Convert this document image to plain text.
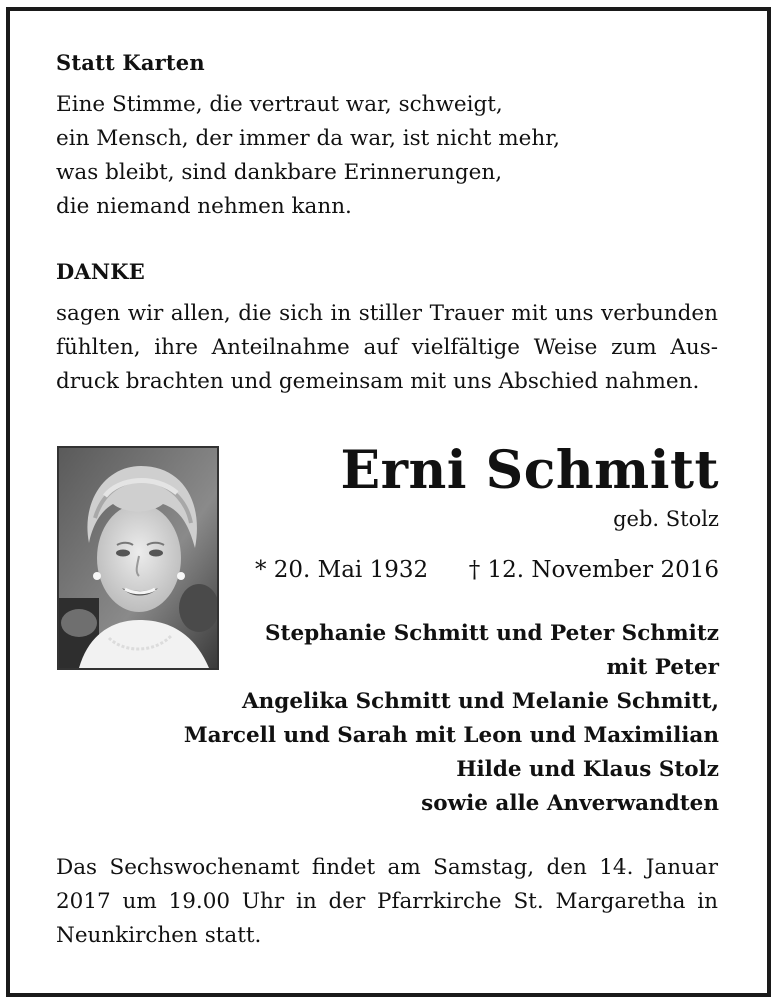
Statt Karten
Eine Stimme, die vertraut war, schweigt,
ein Mensch, der immer da war, ist nicht mehr,
was bleibt, sind dankbare Erinnerungen,
die niemand nehmen kann.
DANKE
sagen wir allen, die sich in stiller Trauer mit uns verbunden
fühlten, ihre Anteilnahme auf vielfältige Weise zum Aus-
druck brachten und gemeinsam mit uns Abschied nahmen.
Erni Schmitt
geb. Stolz
* 20. Mai 1932 † 12. November 2016
Stephanie Schmitt und Peter Schmitz
mit Peter
Angelika Schmitt und Melanie Schmitt,
Marcell und Sarah mit Leon und Maximilian
Hilde und Klaus Stolz
sowie alle Anverwandten
Das Sechswochenamt findet am Samstag, den 14. Januar
2017 um 19.00 Uhr in der Pfarrkirche St. Margaretha in
Neunkirchen statt.
